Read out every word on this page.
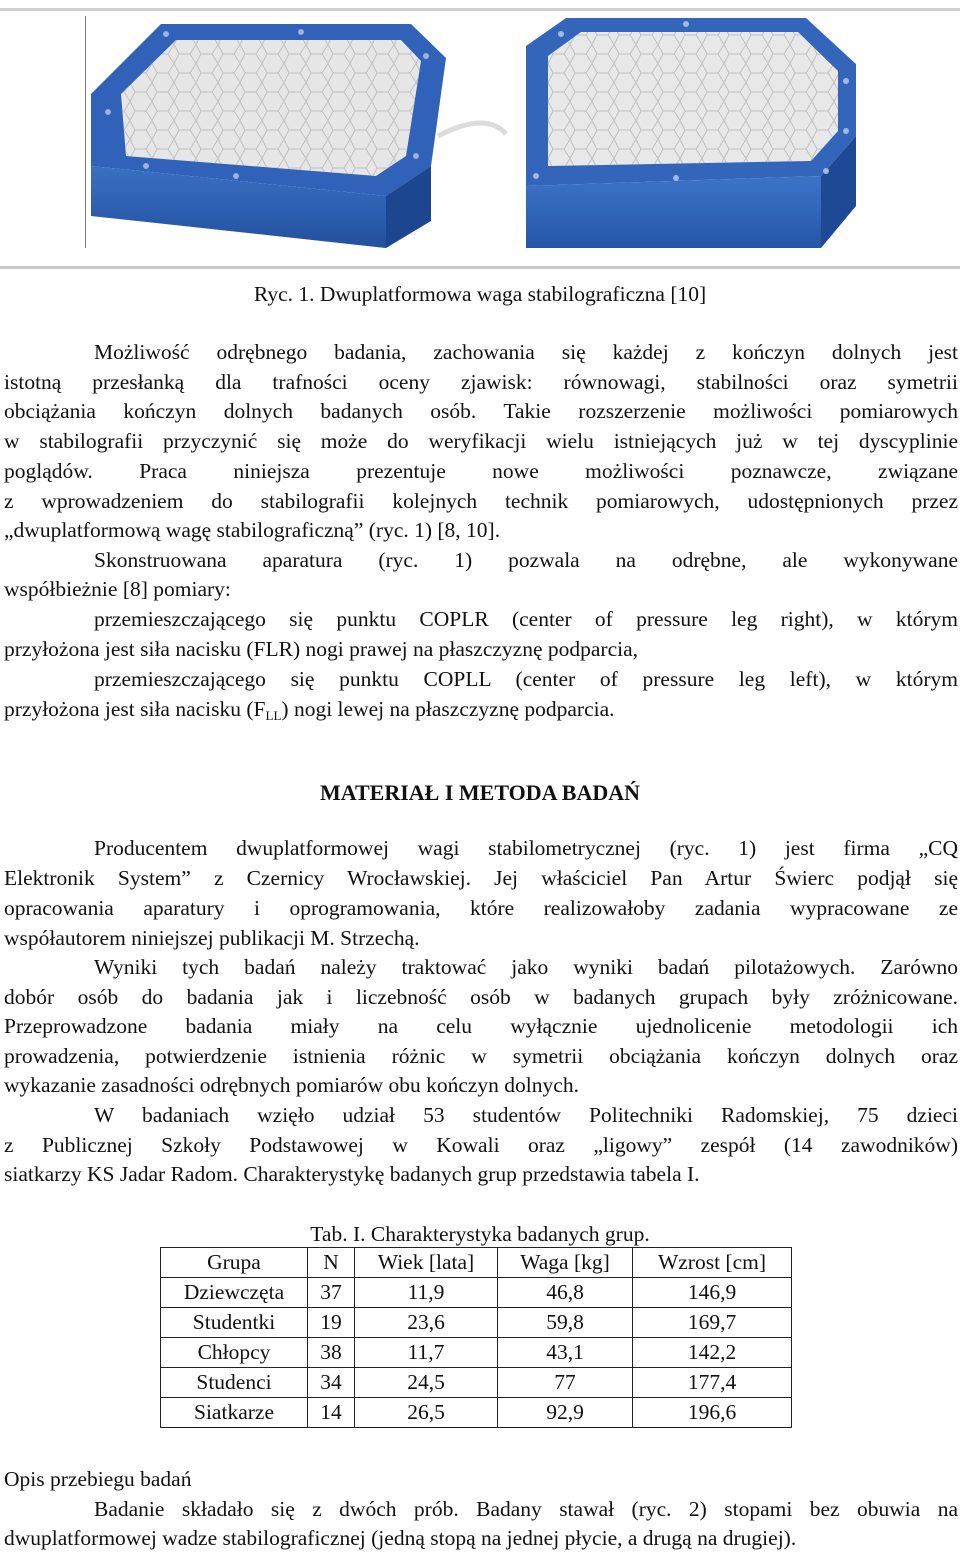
Ryc. 1. Dwuplatformowa waga stabilograficzna [10]
Możliwość odrębnego badania, zachowania się każdej z kończyn dolnych jest
istotną przesłanką dla trafności oceny zjawisk: równowagi, stabilności oraz symetrii
obciążania kończyn dolnych badanych osób. Takie rozszerzenie możliwości pomiarowych
w stabilografii przyczynić się może do weryfikacji wielu istniejących już w tej dyscyplinie
poglądów. Praca niniejsza prezentuje nowe możliwości poznawcze, związane
z wprowadzeniem do stabilografii kolejnych technik pomiarowych, udostępnionych przez
„dwuplatformową wagę stabilograficzną” (ryc. 1) [8, 10].
Skonstruowana aparatura (ryc. 1) pozwala na odrębne, ale wykonywane
współbieżnie [8] pomiary:
przemieszczającego się punktu COPLR (center of pressure leg right), w którym
przyłożona jest siła nacisku (FLR) nogi prawej na płaszczyznę podparcia,
przemieszczającego się punktu COPLL (center of pressure leg left), w którym
przyłożona jest siła nacisku $(F_{LL})$ nogi lewej na płaszczyznę podparcia.
MATERIAŁ I METODA BADAŃ
Producentem dwuplatformowej wagi stabilometrycznej (ryc. 1) jest firma „CQ
Elektronik System” z Czernicy Wrocławskiej. Jej właściciel Pan Artur Świerc podjął się
opracowania aparatury i oprogramowania, które realizowałoby zadania wypracowane ze
współautorem niniejszej publikacji M. Strzechą.
Wyniki tych badań należy traktować jako wyniki badań pilotażowych. Zarówno
dobór osób do badania jak i liczebność osób w badanych grupach były zróżnicowane.
Przeprowadzone badania miały na celu wyłącznie ujednolicenie metodologii ich
prowadzenia, potwierdzenie istnienia różnic w symetrii obciążania kończyn dolnych oraz
wykazanie zasadności odrębnych pomiarów obu kończyn dolnych.
W badaniach wzięło udział 53 studentów Politechniki Radomskiej, 75 dzieci
z Publicznej Szkoły Podstawowej w Kowali oraz „ligowy” zespół (14 zawodników)
siatkarzy KS Jadar Radom. Charakterystykę badanych grup przedstawia tabela I.
Tab. I. Charakterystyka badanych grup.
Grupa	N	Wiek [lata]	Waga [kg]	Wzrost [cm]
Dziewczęta	37	11,9	46,8	146,9
Studentki	19	23,6	59,8	169,7
Chłopcy	38	11,7	43,1	142,2
Studenci	34	24,5	77	177,4
Siatkarze	14	26,5	92,9	196,6
Opis przebiegu badań
Badanie składało się z dwóch prób. Badany stawał (ryc. 2) stopami bez obuwia na
dwuplatformowej wadze stabilograficznej (jedną stopą na jednej płycie, a drugą na drugiej).
